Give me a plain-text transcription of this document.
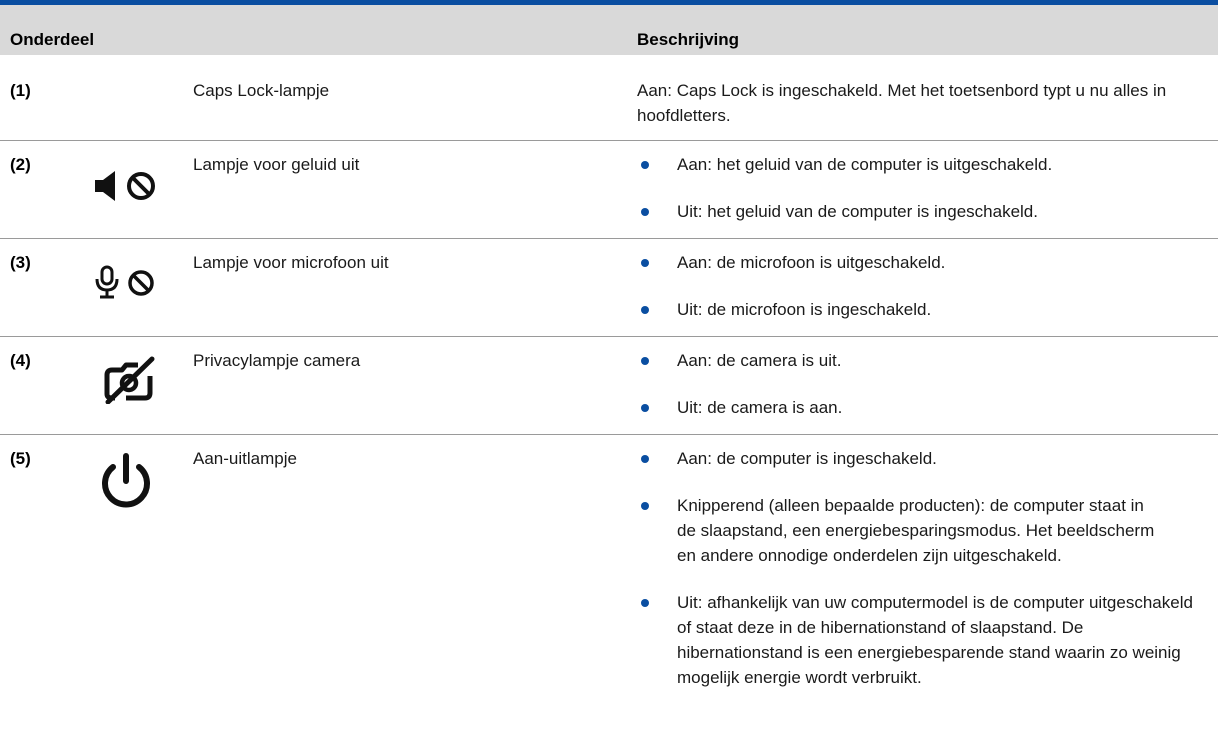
Onderdeel	Beschrijving
(1)	Caps Lock-lampje	Aan: Caps Lock is ingeschakeld. Met het toetsenbord typt u nu alles in hoofdletters.
(2)	Lampje voor geluid uit	Aan: het geluid van de computer is uitgeschakeld.

Uit: het geluid van de computer is ingeschakeld.

(3)	Lampje voor microfoon uit	Aan: de microfoon is uitgeschakeld.

Uit: de microfoon is ingeschakeld.

(4)	Privacylampje camera	Aan: de camera is uit.

Uit: de camera is aan.

(5)	Aan-uitlampje	Aan: de computer is ingeschakeld.

Knipperend (alleen bepaalde producten): de computer staat in de slaapstand, een energiebesparingsmodus. Het beeldscherm en andere onnodige onderdelen zijn uitgeschakeld.

Uit: afhankelijk van uw computermodel is de computer uitgeschakeld of staat deze in de hibernationstand of slaapstand. De hibernationstand is een energiebesparende stand waarin zo weinig mogelijk energie wordt verbruikt.
